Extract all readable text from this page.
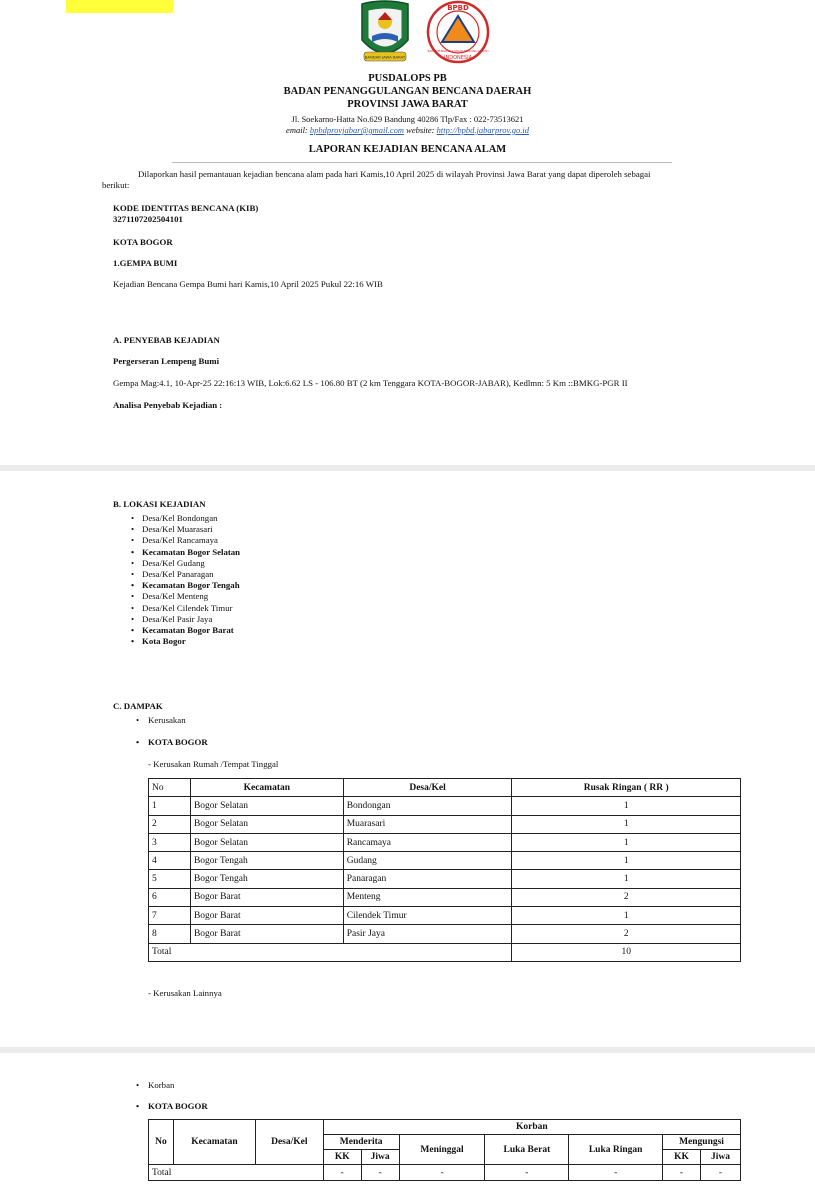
BANDAR JAWA BARAT
BPBD
INDONESIA
BADAN PENANGGULANGAN BENCANA DAERAH
PUSDALOPS PB
BADAN PENANGGULANGAN BENCANA DAERAH
PROVINSI JAWA BARAT
Jl. Soekarno-Hatta No.629 Bandung 40286 Tlp/Fax : 022-73513621
email: bpbdprovjabar@gmail.com website: http://bpbd.jabarprov.go.id
LAPORAN KEJADIAN BENCANA ALAM
Dilaporkan hasil pemantauan kejadian bencana alam pada hari Kamis,10 April 2025 di wilayah Provinsi Jawa Barat yang dapat diperoleh sebagai
berikut:
KODE IDENTITAS BENCANA (KIB)
3271107202504101
KOTA BOGOR
1.GEMPA BUMI
Kejadian Bencana Gempa Bumi hari Kamis,10 April 2025 Pukul 22:16 WIB
A. PENYEBAB KEJADIAN
Pergerseran Lempeng Bumi
Gempa Mag:4.1, 10-Apr-25 22:16:13 WIB, Lok:6.62 LS - 106.80 BT (2 km Tenggara KOTA-BOGOR-JABAR), Kedlmn: 5 Km ::BMKG-PGR II
Analisa Penyebab Kejadian :
B. LOKASI KEJADIAN
• Desa/Kel Bondongan
• Desa/Kel Muarasari
• Desa/Kel Rancamaya
• Kecamatan Bogor Selatan
• Desa/Kel Gudang
• Desa/Kel Panaragan
• Kecamatan Bogor Tengah
• Desa/Kel Menteng
• Desa/Kel Cilendek Timur
• Desa/Kel Pasir Jaya
• Kecamatan Bogor Barat
• Kota Bogor
C. DAMPAK
• Kerusakan
• KOTA BOGOR
- Kerusakan Rumah /Tempat Tinggal
No	Kecamatan	Desa/Kel	Rusak Ringan ( RR )
1	Bogor Selatan	Bondongan	1
2	Bogor Selatan	Muarasari	1
3	Bogor Selatan	Rancamaya	1
4	Bogor Tengah	Gudang	1
5	Bogor Tengah	Panaragan	1
6	Bogor Barat	Menteng	2
7	Bogor Barat	Cilendek Timur	1
8	Bogor Barat	Pasir Jaya	2
Total			10
- Kerusakan Lainnya
• Korban
• KOTA BOGOR
No	Kecamatan	Desa/Kel	Korban						
			Menderita		Meninggal	Luka Berat	Luka Ringan	Mengungsi	
			KK	Jiwa				KK	Jiwa
Total			-	-	-	-	-	-	-
